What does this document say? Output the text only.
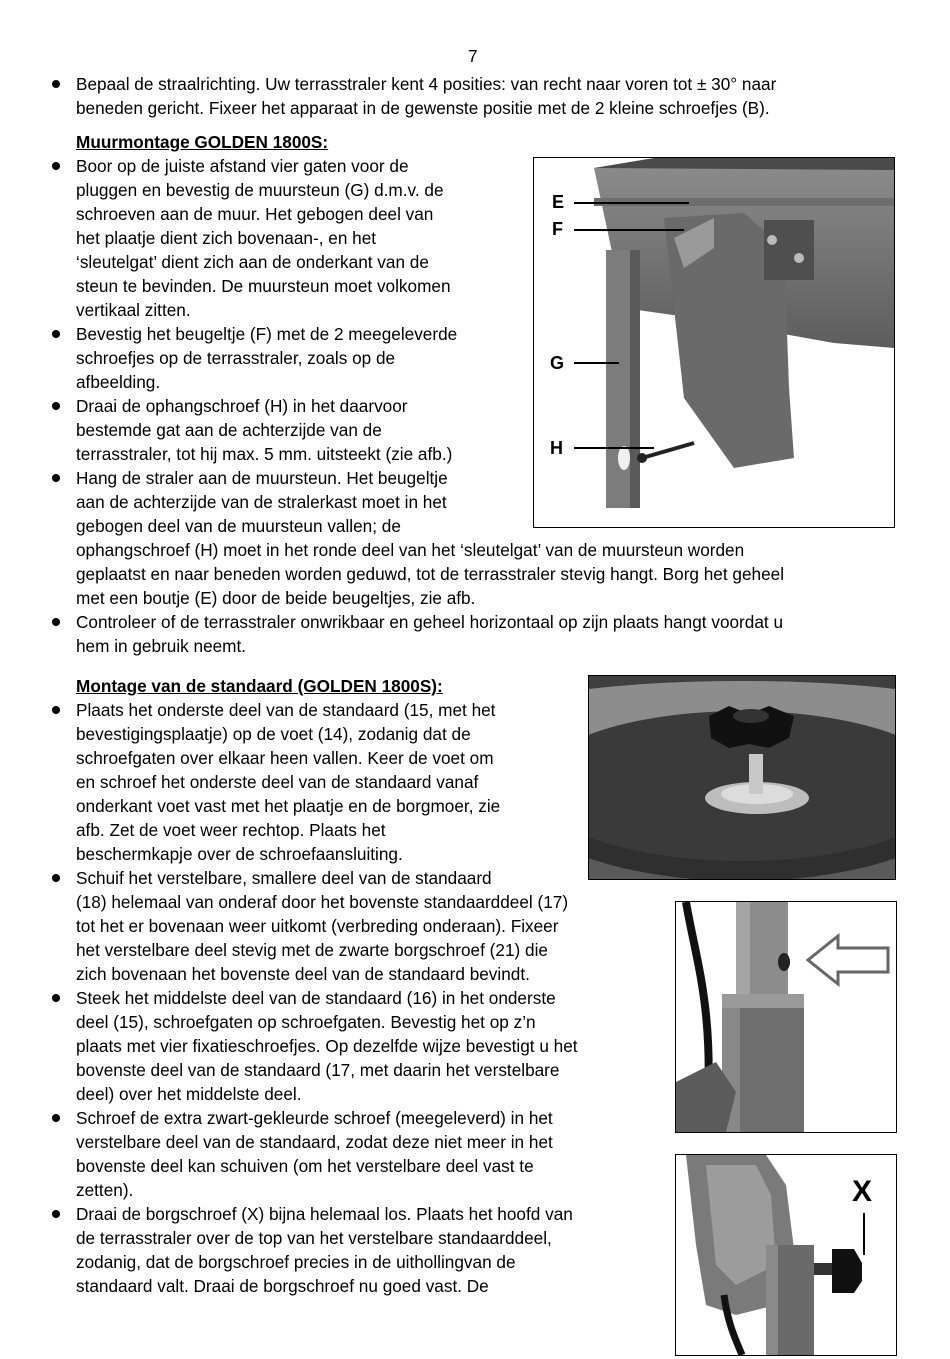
7
Bepaal de straalrichting. Uw terrasstraler kent 4 posities: van recht naar voren tot ± 30° naar
beneden gericht. Fixeer het apparaat in de gewenste positie met de 2 kleine schroefjes (B).
Muurmontage GOLDEN 1800S:
Boor op de juiste afstand vier gaten voor de
pluggen en bevestig de muursteun (G) d.m.v. de
schroeven aan de muur. Het gebogen deel van
het plaatje dient zich bovenaan-, en het
‘sleutelgat’ dient zich aan de onderkant van de
steun te bevinden. De muursteun moet volkomen
vertikaal zitten.
Bevestig het beugeltje (F) met de 2 meegeleverde
schroefjes op de terrasstraler, zoals op de
afbeelding.
Draai de ophangschroef (H) in het daarvoor
bestemde gat aan de achterzijde van de
terrasstraler, tot hij max. 5 mm. uitsteekt (zie afb.)
Hang de straler aan de muursteun. Het beugeltje
aan de achterzijde van de stralerkast moet in het
gebogen deel van de muursteun vallen; de
ophangschroef (H) moet in het ronde deel van het ‘sleutelgat’ van de muursteun worden
geplaatst en naar beneden worden geduwd, tot de terrasstraler stevig hangt. Borg het geheel
met een boutje (E) door de beide beugeltjes, zie afb.
Controleer of de terrasstraler onwrikbaar en geheel horizontaal op zijn plaats hangt voordat u
hem in gebruik neemt.
E
F
G
H
Montage van de standaard (GOLDEN 1800S):
Plaats het onderste deel van de standaard (15, met het
bevestigingsplaatje) op de voet (14), zodanig dat de
schroefgaten over elkaar heen vallen. Keer de voet om
en schroef het onderste deel van de standaard vanaf
onderkant voet vast met het plaatje en de borgmoer, zie
afb. Zet de voet weer rechtop. Plaats het
beschermkapje over de schroefaansluiting.
Schuif het verstelbare, smallere deel van de standaard
(18) helemaal van onderaf door het bovenste standaarddeel (17)
tot het er bovenaan weer uitkomt (verbreding onderaan). Fixeer
het verstelbare deel stevig met de zwarte borgschroef (21) die
zich bovenaan het bovenste deel van de standaard bevindt.
Steek het middelste deel van de standaard (16) in het onderste
deel (15), schroefgaten op schroefgaten. Bevestig het op z’n
plaats met vier fixatieschroefjes. Op dezelfde wijze bevestigt u het
bovenste deel van de standaard (17, met daarin het verstelbare
deel) over het middelste deel.
Schroef de extra zwart-gekleurde schroef (meegeleverd) in het
verstelbare deel van de standaard, zodat deze niet meer in het
bovenste deel kan schuiven (om het verstelbare deel vast te
zetten).
Draai de borgschroef (X) bijna helemaal los. Plaats het hoofd van
de terrasstraler over de top van het verstelbare standaarddeel,
zodanig, dat de borgschroef precies in de uithollingvan de
standaard valt. Draai de borgschroef nu goed vast. De
X
